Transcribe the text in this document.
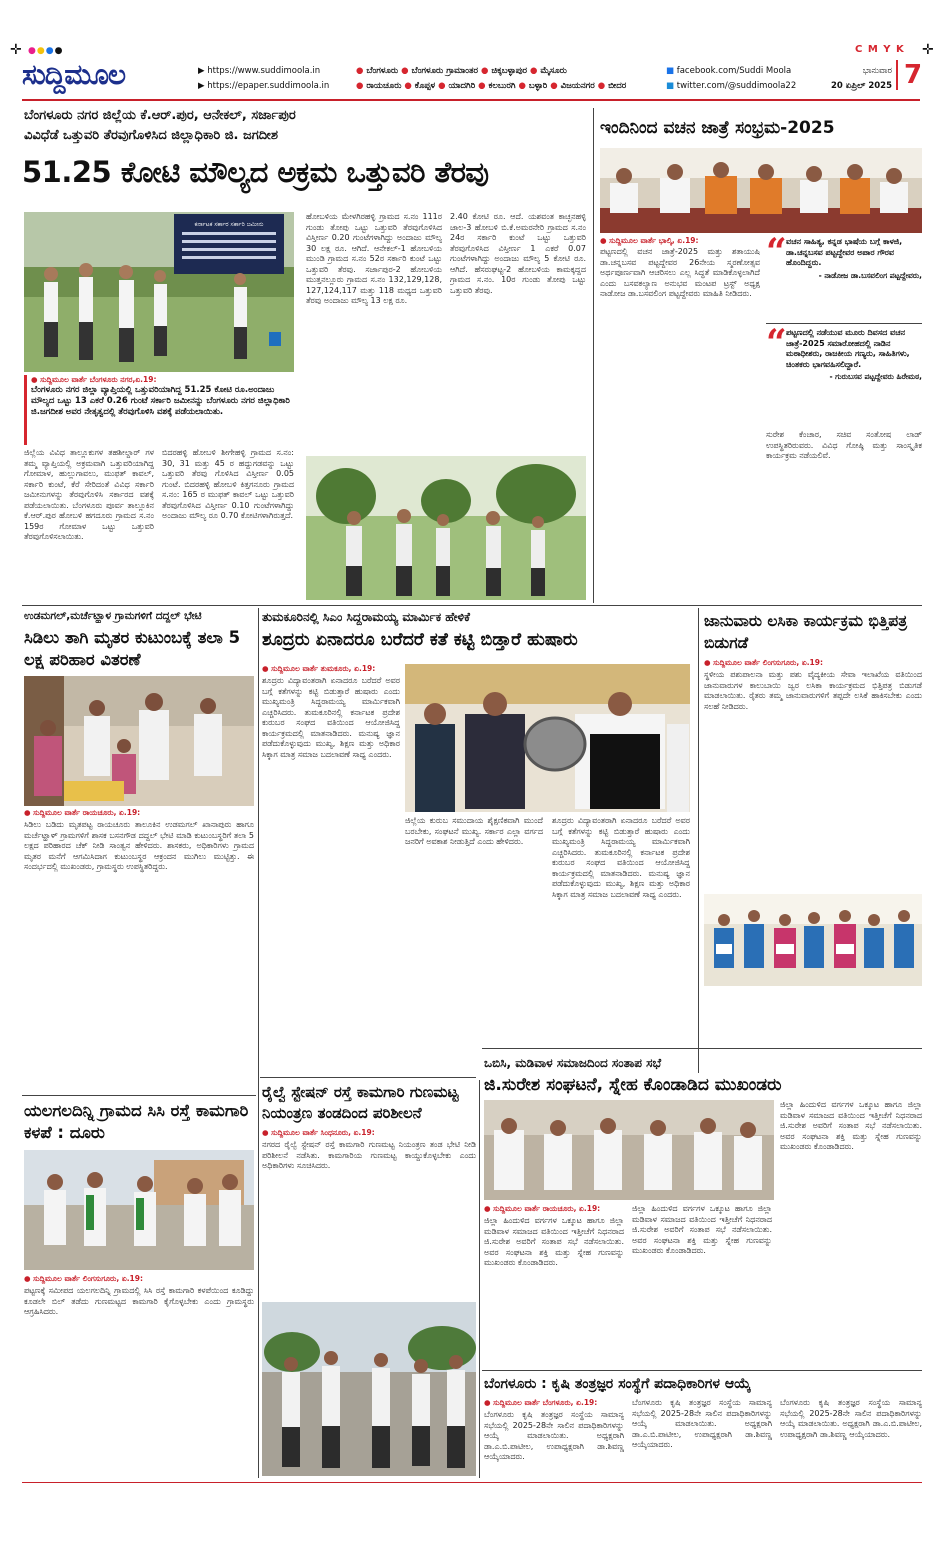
✛ ●●●●	C M Y K ✛
ಸುದ್ದಿಮೂಲ	▶ https://www.suddimoola.in
▶ https://epaper.suddimoola.in
● ಬೆಂಗಳೂರು ● ಬೆಂಗಳೂರು ಗ್ರಾಮಾಂತರ ● ಚಿಕ್ಕಬಳ್ಳಾಪುರ ● ಮೈಸೂರು
● ರಾಯಚೂರು ● ಕೊಪ್ಪಳ ● ಯಾದಗಿರಿ ● ಕಲಬುರಗಿ ● ಬಳ್ಳಾರಿ ● ವಿಜಯನಗರ ● ಬೀದರ
■ facebook.com/Suddi Moola
■ twitter.com/@suddimoola22
ಭಾನುವಾರ
20 ಏಪ್ರಿಲ್ 2025 7
ಬೆಂಗಳೂರು ನಗರ ಜಿಲ್ಲೆಯ ಕೆ.ಆರ್.ಪುರ, ಆನೇಕಲ್, ಸರ್ಜಾಪುರ
ವಿವಿಧೆಡೆ ಒತ್ತುವರಿ ತೆರವುಗೊಳಿಸಿದ ಜಿಲ್ಲಾಧಿಕಾರಿ ಜಿ. ಜಗದೀಶ
51.25 ಕೋಟಿ ಮೌಲ್ಯದ ಅಕ್ರಮ ಒತ್ತುವರಿ ತೆರವು
ಕರ್ನಾಟಕ ಸರ್ಕಾರ ಸರ್ಕಾರಿ ಜಮೀನು
● ಸುದ್ದಿಮೂಲ ವಾರ್ತೆ ಬೆಂಗಳೂರು ನಗರ,ಏ.19:
ಬೆಂಗಳೂರು ನಗರ ಜಿಲ್ಲಾ ವ್ಯಾಪ್ತಿಯಲ್ಲಿ ಒತ್ತುವರಿಯಾಗಿದ್ದ 51.25 ಕೋಟಿ ರೂ.ಅಂದಾಜು ಮೌಲ್ಯದ ಒಟ್ಟು 13 ಎಕರೆ 0.26 ಗುಂಟೆ ಸರ್ಕಾರಿ ಜಮೀನನ್ನು ಬೆಂಗಳೂರು ನಗರ ಜಿಲ್ಲಾಧಿಕಾರಿ ಜಿ.ಜಗದೀಶ ಅವರ ನೇತೃತ್ವದಲ್ಲಿ ತೆರವುಗೊಳಿಸಿ ವಶಕ್ಕೆ ಪಡೆಯಲಾಯಿತು.
ಜಿಲ್ಲೆಯ ವಿವಿಧ ತಾಲ್ಲೂಕುಗಳ ತಹಶೀಲ್ದಾರ್ ಗಳ ತಮ್ಮ ವ್ಯಾಪ್ತಿಯಲ್ಲಿ ಅಕ್ರಮವಾಗಿ ಒತ್ತುವರಿಯಾಗಿದ್ದ ಗೋಮಾಳ, ಹುಲ್ಲುಗಾವಲು, ಮುಫತ್ ಕಾವಲ್, ಸರ್ಕಾರಿ ಕುಂಟೆ, ಕೆರೆ ಸೇರಿದಂತೆ ವಿವಿಧ ಸರ್ಕಾರಿ ಜಮೀನುಗಳನ್ನು ತೆರವುಗೊಳಿಸಿ ಸರ್ಕಾರದ ವಶಕ್ಕೆ ಪಡೆಯಲಾಯಿತು. ಬೆಂಗಳೂರು ಪೂರ್ವ ತಾಲ್ಲೂಕಿನ ಕೆ.ಆರ್.ಪುರ ಹೋಬಳಿ ಹಗದೂರು ಗ್ರಾಮದ ಸ.ನಂ 159ರ ಗೋಮಾಳ ಒಟ್ಟು ಒತ್ತುವರಿ ತೆರವುಗೊಳಿಸಲಾಯಿತು.
ಬಿದರಹಳ್ಳಿ ಹೋಬಳಿ ಶೀಗೇಹಳ್ಳಿ ಗ್ರಾಮದ ಸ.ನಂ: 30, 31 ಮತ್ತು 45 ರ ಹದ್ದುಗಡವನ್ನು ಒಟ್ಟು ಒತ್ತುವರಿ ತೆರವು ಗೊಳಿಸಿದ ವಿಸ್ತೀರ್ಣ 0.05 ಗುಂಟೆ. ಬಿದರಹಳ್ಳಿ ಹೋಬಳಿ ಕಿತ್ತಗನೂರು ಗ್ರಾಮದ ಸ.ನಂ: 165 ರ ಮುಫತ್ ಕಾವಲ್ ಒಟ್ಟು ಒತ್ತುವರಿ ತೆರವುಗೊಳಿಸಿದ ವಿಸ್ತೀರ್ಣ 0.10 ಗುಂಟೆಗಳಾಗಿದ್ದು ಅಂದಾಜು ಮೌಲ್ಯ ರೂ 0.70 ಕೋಟಿಗಳಾಗಿರುತ್ತದೆ.
ಹೋಬಳಿಯ ಮೇಳಗಿರಹಳ್ಳಿ ಗ್ರಾಮದ ಸ.ನಂ 111ರ ಗುಂಡು ತೋಪು ಒಟ್ಟು ಒತ್ತುವರಿ ತೆರವುಗೊಳಿಸಿದ ವಿಸ್ತೀರ್ಣ 0.20 ಗುಂಟೆಗಳಾಗಿದ್ದು ಅಂದಾಜು ಮೌಲ್ಯ 30 ಲಕ್ಷ ರೂ. ಆಗಿದೆ. ಆನೇಕಲ್-1 ಹೋಬಳಿಯ ಮುಂಡಿ ಗ್ರಾಮದ ಸ.ನಂ 52ರ ಸರ್ಕಾರಿ ಕುಂಟೆ ಒಟ್ಟು ಒತ್ತುವರಿ ತೆರವು. ಸರ್ಜಾಪುರ-2 ಹೋಬಳಿಯ ಮುತ್ತನಲ್ಲೂರು ಗ್ರಾಮದ ಸ.ನಂ 132,129,128, 127,124,117 ಮತ್ತು 118 ಮಧ್ಯದ ಒತ್ತುವರಿ ತೆರವು ಅಂದಾಜು ಮೌಲ್ಯ 13 ಲಕ್ಷ ರೂ.
2.40 ಕೋಟಿ ರೂ. ಆದೆ. ಯಶವಂತ ಕಾಚ್ಛನಹಳ್ಳಿ ಜಾಲ-3 ಹೋಬಳಿ ಬಿ.ಕೆ.ಅಮರನೇರಿ ಗ್ರಾಮದ ಸ.ನಂ 24ರ ಸರ್ಕಾರಿ ಕುಂಟೆ ಒಟ್ಟು ಒತ್ತುವರಿ ತೆರವುಗೊಳಿಸಿದ ವಿಸ್ತೀರ್ಣ 1 ಎಕರೆ 0.07 ಗುಂಟೆಗಳಾಗಿದ್ದು ಅಂದಾಜು ಮೌಲ್ಯ 5 ಕೋಟಿ ರೂ. ಆಗಿದೆ. ಹೆಸರುಘಟ್ಟ-2 ಹೋಬಳಿಯ ಕಾಮಕ್ಕದ್ದದ ಗ್ರಾಮದ ಸ.ನಂ. 10ರ ಗುಂಡು ತೋಪು ಒಟ್ಟು ಒತ್ತುವರಿ ತೆರವು.
ಇಂದಿನಿಂದ ವಚನ ಜಾತ್ರೆ ಸಂಭ್ರಮ-2025
● ಸುದ್ದಿಮೂಲ ವಾರ್ತೆ ಭಾಲ್ಕಿ, ಏ.19:
ಪಟ್ಟಣದಲ್ಲಿ ವಚನ ಜಾತ್ರೆ-2025 ಮತ್ತು ಶತಾಯುಷಿ ಡಾ.ಚನ್ನಬಸವ ಪಟ್ಟದ್ದೇವರ 26ನೇಯ ಸ್ಮರಣೋತ್ಸವ ಅರ್ಥಪೂರ್ಣವಾಗಿ ಆಚರಿಸಲು ಎಲ್ಲ ಸಿದ್ಧತೆ ಮಾಡಿಕೊಳ್ಳಲಾಗಿದೆ ಎಂದು ಬಸವಕಲ್ಯಾಣ ಅನುಭವ ಮಂಟಪ ಟ್ರಸ್ಟ್ ಅಧ್ಯಕ್ಷ ನಾಡೋಜ ಡಾ.ಬಸವಲಿಂಗ ಪಟ್ಟದ್ದೇವರು ಮಾಹಿತಿ ನೀಡಿದರು.
“ ವಚನ ಸಾಹಿತ್ಯ, ಕನ್ನಡ ಭಾಷೆಯ ಬಗ್ಗೆ ಕಾಳಜಿ, ಡಾ.ಚನ್ನಬಸವ ಪಟ್ಟದ್ದೇವರ ಅಪಾರ ಗೌರವ ಹೊಂದಿದ್ದರು.
- ನಾಡೋಜ ಡಾ.ಬಸವಲಿಂಗ ಪಟ್ಟದ್ದೇವರು,
“ ಪಟ್ಟಣದಲ್ಲಿ ನಡೆಯುವ ಮೂರು ದಿವಸದ ವಚನ ಜಾತ್ರೆ-2025 ಸಮಾರೋಹದಲ್ಲಿ ನಾಡಿನ ಮಠಾಧೀಶರು, ರಾಜಕೀಯ ಗಣ್ಯರು, ಸಾಹಿತಿಗಳು, ಚಿಂತಕರು ಭಾಗವಹಿಸಲಿದ್ದಾರೆ.
- ಗುರುಬಸವ ಪಟ್ಟದ್ದೇವರು ಹಿರೇಮಠ,
ಸುರೇಶ ಕೆಂಚಾರ, ಸಚಿವ ಸಂತೋಷ ಲಾಡ್ ಉಪಸ್ಥಿತರಿರುವರು. ವಿವಿಧ ಗೋಷ್ಠಿ ಮತ್ತು ಸಾಂಸ್ಕೃತಿಕ ಕಾರ್ಯಕ್ರಮ ನಡೆಯಲಿವೆ.
ಉಡಮಗಲ್,ಮರ್ಚೆಟ್ಹಾಳ ಗ್ರಾಮಗಳಿಗೆ ದದ್ದಲ್ ಭೇಟಿ
ಸಿಡಿಲು ತಾಗಿ ಮೃತರ ಕುಟುಂಬಕ್ಕೆ ತಲಾ 5 ಲಕ್ಷ ಪರಿಹಾರ ವಿತರಣೆ
● ಸುದ್ದಿಮೂಲ ವಾರ್ತೆ ರಾಯಚೂರು, ಏ.19:
ಸಿಡಿಲು ಬಡಿದು ಮೃತಪಟ್ಟ ರಾಯಚೂರು ತಾಲೂಕಿನ ಉಡಮಗಲ್ ಖಾನಾಪುರು ಹಾಗೂ ಮರ್ಚೆಟ್ಹಾಳ್ ಗ್ರಾಮಗಳಿಗೆ ಶಾಸಕ ಬಸನಗೌಡ ದದ್ದಲ್ ಭೇಟಿ ಮಾಡಿ ಕುಟುಂಬಸ್ಥರಿಗೆ ತಲಾ 5 ಲಕ್ಷದ ಪರಿಹಾರದ ಚೆಕ್ ನೀಡಿ ಸಾಂತ್ವನ ಹೇಳಿದರು. ಶಾಸಕರು, ಅಧಿಕಾರಿಗಳು ಗ್ರಾಮದ ಮೃತರ ಮನೆಗೆ ಆಗಮಿಸಿದಾಗ ಕುಟುಂಬಸ್ಥರ ಆಕ್ರಂದನ ಮುಗಿಲು ಮುಟ್ಟಿತ್ತು. ಈ ಸಂದರ್ಭದಲ್ಲಿ ಮುಖಂಡರು, ಗ್ರಾಮಸ್ಥರು ಉಪಸ್ಥಿತರಿದ್ದರು.
ಯಲಗಲದಿನ್ನಿ ಗ್ರಾಮದ ಸಿಸಿ ರಸ್ತೆ ಕಾಮಗಾರಿ ಕಳಪೆ : ದೂರು
● ಸುದ್ದಿಮೂಲ ವಾರ್ತೆ ಲಿಂಗಸುಗೂರು, ಏ.19:
ಪಟ್ಟಣಕ್ಕೆ ಸಮೀಪದ ಯಲಗಲದಿನ್ನಿ ಗ್ರಾಮದಲ್ಲಿ ಸಿಸಿ ರಸ್ತೆ ಕಾಮಗಾರಿ ಕಳಪೆಯಿಂದ ಕೂಡಿದ್ದು ಕೂಡಲೇ ಬಿಲ್ ತಡೆದು ಗುಣಮಟ್ಟದ ಕಾಮಗಾರಿ ಕೈಗೊಳ್ಳಬೇಕು ಎಂದು ಗ್ರಾಮಸ್ಥರು ಆಗ್ರಹಿಸಿದರು.
ತುಮಕೂರಿನಲ್ಲಿ ಸಿಎಂ ಸಿದ್ದರಾಮಯ್ಯ ಮಾರ್ಮಿಕ ಹೇಳಿಕೆ
ಶೂದ್ರರು ಏನಾದರೂ ಬರೆದರೆ ಕತೆ ಕಟ್ಟಿ ಬಿಡ್ತಾರೆ ಹುಷಾರು
● ಸುದ್ದಿಮೂಲ ವಾರ್ತೆ ತುಮಕೂರು, ಏ.19:
ಶೂದ್ರರು ವಿದ್ಯಾವಂತರಾಗಿ ಏನಾದರೂ ಬರೆದರೆ ಅವರ ಬಗ್ಗೆ ಕತೆಗಳನ್ನು ಕಟ್ಟಿ ಬಿಡುತ್ತಾರೆ ಹುಷಾರು ಎಂದು ಮುಖ್ಯಮಂತ್ರಿ ಸಿದ್ದರಾಮಯ್ಯ ಮಾರ್ಮಿಕವಾಗಿ ಎಚ್ಚರಿಸಿದರು. ತುಮಕೂರಿನಲ್ಲಿ ಕರ್ನಾಟಕ ಪ್ರದೇಶ ಕುರುಬರ ಸಂಘದ ವತಿಯಿಂದ ಆಯೋಜಿಸಿದ್ದ ಕಾರ್ಯಕ್ರಮದಲ್ಲಿ ಮಾತನಾಡಿದರು. ಮನುಷ್ಯ ಜ್ಞಾನ ಪಡೆದುಕೊಳ್ಳುವುದು ಮುಖ್ಯ, ಶಿಕ್ಷಣ ಮತ್ತು ಅಧಿಕಾರ ಸಿಕ್ಕಾಗ ಮಾತ್ರ ಸಮಾಜ ಬದಲಾವಣೆ ಸಾಧ್ಯ ಎಂದರು.
ಜಿಲ್ಲೆಯ ಕುರುಬ ಸಮುದಾಯ ಶೈಕ್ಷಣಿಕವಾಗಿ ಮುಂದೆ ಬರಬೇಕು, ಸಂಘಟನೆ ಮುಖ್ಯ. ಸರ್ಕಾರ ಎಲ್ಲಾ ವರ್ಗದ ಜನರಿಗೆ ಅವಕಾಶ ನೀಡುತ್ತಿದೆ ಎಂದು ಹೇಳಿದರು.
ಶೂದ್ರರು ವಿದ್ಯಾವಂತರಾಗಿ ಏನಾದರೂ ಬರೆದರೆ ಅವರ ಬಗ್ಗೆ ಕತೆಗಳನ್ನು ಕಟ್ಟಿ ಬಿಡುತ್ತಾರೆ ಹುಷಾರು ಎಂದು ಮುಖ್ಯಮಂತ್ರಿ ಸಿದ್ದರಾಮಯ್ಯ ಮಾರ್ಮಿಕವಾಗಿ ಎಚ್ಚರಿಸಿದರು. ತುಮಕೂರಿನಲ್ಲಿ ಕರ್ನಾಟಕ ಪ್ರದೇಶ ಕುರುಬರ ಸಂಘದ ವತಿಯಿಂದ ಆಯೋಜಿಸಿದ್ದ ಕಾರ್ಯಕ್ರಮದಲ್ಲಿ ಮಾತನಾಡಿದರು. ಮನುಷ್ಯ ಜ್ಞಾನ ಪಡೆದುಕೊಳ್ಳುವುದು ಮುಖ್ಯ, ಶಿಕ್ಷಣ ಮತ್ತು ಅಧಿಕಾರ ಸಿಕ್ಕಾಗ ಮಾತ್ರ ಸಮಾಜ ಬದಲಾವಣೆ ಸಾಧ್ಯ ಎಂದರು.
ರೈಲ್ವೆ ಸ್ಟೇಷನ್ ರಸ್ತೆ ಕಾಮಗಾರಿ ಗುಣಮಟ್ಟ ನಿಯಂತ್ರಣ ತಂಡದಿಂದ ಪರಿಶೀಲನೆ
● ಸುದ್ದಿಮೂಲ ವಾರ್ತೆ ಸಿಂಧನೂರು, ಏ.19:
ನಗರದ ರೈಲ್ವೆ ಸ್ಟೇಷನ್ ರಸ್ತೆ ಕಾಮಗಾರಿ ಗುಣಮಟ್ಟ ನಿಯಂತ್ರಣ ತಂಡ ಭೇಟಿ ನೀಡಿ ಪರಿಶೀಲನೆ ನಡೆಸಿತು. ಕಾಮಗಾರಿಯ ಗುಣಮಟ್ಟ ಕಾಯ್ದುಕೊಳ್ಳಬೇಕು ಎಂದು ಅಧಿಕಾರಿಗಳು ಸೂಚಿಸಿದರು.
ಜಾನುವಾರು ಲಸಿಕಾ ಕಾರ್ಯಕ್ರಮ ಭಿತ್ತಿಪತ್ರ ಬಿಡುಗಡೆ
● ಸುದ್ದಿಮೂಲ ವಾರ್ತೆ ಲಿಂಗಸುಗೂರು, ಏ.19:
ಸ್ಥಳೀಯ ಪಶುಪಾಲನಾ ಮತ್ತು ಪಶು ವೈದ್ಯಕೀಯ ಸೇವಾ ಇಲಾಖೆಯ ವತಿಯಿಂದ ಜಾನುವಾರುಗಳ ಕಾಲುಬಾಯಿ ಜ್ವರ ಲಸಿಕಾ ಕಾರ್ಯಕ್ರಮದ ಭಿತ್ತಿಪತ್ರ ಬಿಡುಗಡೆ ಮಾಡಲಾಯಿತು. ರೈತರು ತಮ್ಮ ಜಾನುವಾರುಗಳಿಗೆ ತಪ್ಪದೇ ಲಸಿಕೆ ಹಾಕಿಸಬೇಕು ಎಂದು ಸಲಹೆ ನೀಡಿದರು.
ಒಬಿಸಿ, ಮಡಿವಾಳ ಸಮಾಜದಿಂದ ಸಂತಾಪ ಸಭೆ
ಜಿ.ಸುರೇಶ ಸಂಘಟನೆ, ಸ್ನೇಹ ಕೊಂಡಾಡಿದ ಮುಖಂಡರು
● ಸುದ್ದಿಮೂಲ ವಾರ್ತೆ ರಾಯಚೂರು, ಏ.19:
ಜಿಲ್ಲಾ ಹಿಂದುಳಿದ ವರ್ಗಗಳ ಒಕ್ಕೂಟ ಹಾಗೂ ಜಿಲ್ಲಾ ಮಡಿವಾಳ ಸಮಾಜದ ವತಿಯಿಂದ ಇತ್ತೀಚೆಗೆ ನಿಧನರಾದ ಜಿ.ಸುರೇಶ ಅವರಿಗೆ ಸಂತಾಪ ಸಭೆ ನಡೆಸಲಾಯಿತು. ಅವರ ಸಂಘಟನಾ ಶಕ್ತಿ ಮತ್ತು ಸ್ನೇಹ ಗುಣವನ್ನು ಮುಖಂಡರು ಕೊಂಡಾಡಿದರು.
ಜಿಲ್ಲಾ ಹಿಂದುಳಿದ ವರ್ಗಗಳ ಒಕ್ಕೂಟ ಹಾಗೂ ಜಿಲ್ಲಾ ಮಡಿವಾಳ ಸಮಾಜದ ವತಿಯಿಂದ ಇತ್ತೀಚೆಗೆ ನಿಧನರಾದ ಜಿ.ಸುರೇಶ ಅವರಿಗೆ ಸಂತಾಪ ಸಭೆ ನಡೆಸಲಾಯಿತು. ಅವರ ಸಂಘಟನಾ ಶಕ್ತಿ ಮತ್ತು ಸ್ನೇಹ ಗುಣವನ್ನು ಮುಖಂಡರು ಕೊಂಡಾಡಿದರು.
ಜಿಲ್ಲಾ ಹಿಂದುಳಿದ ವರ್ಗಗಳ ಒಕ್ಕೂಟ ಹಾಗೂ ಜಿಲ್ಲಾ ಮಡಿವಾಳ ಸಮಾಜದ ವತಿಯಿಂದ ಇತ್ತೀಚೆಗೆ ನಿಧನರಾದ ಜಿ.ಸುರೇಶ ಅವರಿಗೆ ಸಂತಾಪ ಸಭೆ ನಡೆಸಲಾಯಿತು. ಅವರ ಸಂಘಟನಾ ಶಕ್ತಿ ಮತ್ತು ಸ್ನೇಹ ಗುಣವನ್ನು ಮುಖಂಡರು ಕೊಂಡಾಡಿದರು.
ಬೆಂಗಳೂರು : ಕೃಷಿ ತಂತ್ರಜ್ಞರ ಸಂಸ್ಥೆಗೆ ಪದಾಧಿಕಾರಿಗಳ ಆಯ್ಕೆ
● ಸುದ್ದಿಮೂಲ ವಾರ್ತೆ ಬೆಂಗಳೂರು, ಏ.19:
ಬೆಂಗಳೂರು ಕೃಷಿ ತಂತ್ರಜ್ಞರ ಸಂಸ್ಥೆಯ ಸಾಮಾನ್ಯ ಸಭೆಯಲ್ಲಿ 2025-28ನೇ ಸಾಲಿನ ಪದಾಧಿಕಾರಿಗಳನ್ನು ಆಯ್ಕೆ ಮಾಡಲಾಯಿತು. ಅಧ್ಯಕ್ಷರಾಗಿ ಡಾ.ಎ.ಬಿ.ಪಾಟೀಲ, ಉಪಾಧ್ಯಕ್ಷರಾಗಿ ಡಾ.ಶಿವಣ್ಣ ಆಯ್ಕೆಯಾದರು.
ಬೆಂಗಳೂರು ಕೃಷಿ ತಂತ್ರಜ್ಞರ ಸಂಸ್ಥೆಯ ಸಾಮಾನ್ಯ ಸಭೆಯಲ್ಲಿ 2025-28ನೇ ಸಾಲಿನ ಪದಾಧಿಕಾರಿಗಳನ್ನು ಆಯ್ಕೆ ಮಾಡಲಾಯಿತು. ಅಧ್ಯಕ್ಷರಾಗಿ ಡಾ.ಎ.ಬಿ.ಪಾಟೀಲ, ಉಪಾಧ್ಯಕ್ಷರಾಗಿ ಡಾ.ಶಿವಣ್ಣ ಆಯ್ಕೆಯಾದರು.
ಬೆಂಗಳೂರು ಕೃಷಿ ತಂತ್ರಜ್ಞರ ಸಂಸ್ಥೆಯ ಸಾಮಾನ್ಯ ಸಭೆಯಲ್ಲಿ 2025-28ನೇ ಸಾಲಿನ ಪದಾಧಿಕಾರಿಗಳನ್ನು ಆಯ್ಕೆ ಮಾಡಲಾಯಿತು. ಅಧ್ಯಕ್ಷರಾಗಿ ಡಾ.ಎ.ಬಿ.ಪಾಟೀಲ, ಉಪಾಧ್ಯಕ್ಷರಾಗಿ ಡಾ.ಶಿವಣ್ಣ ಆಯ್ಕೆಯಾದರು.
